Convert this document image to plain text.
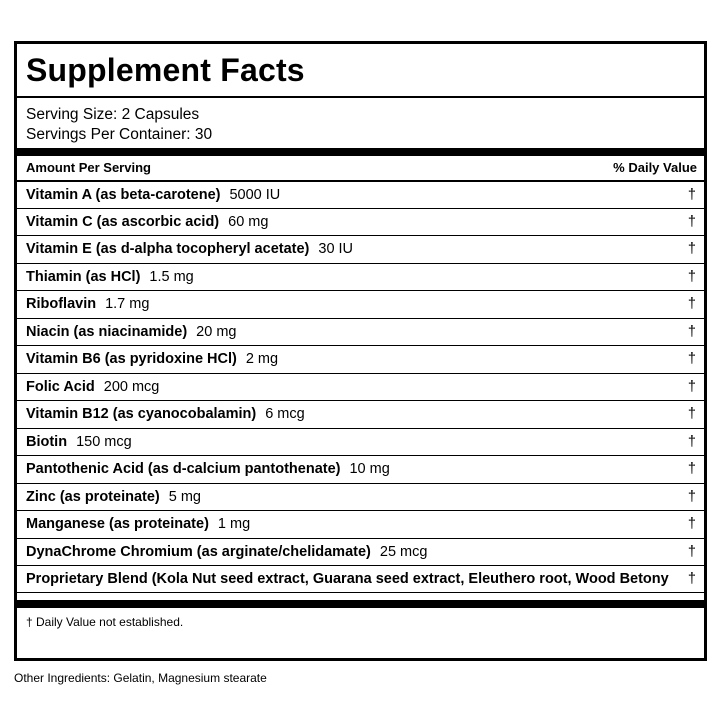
Supplement Facts
Serving Size: 2 Capsules
Servings Per Container: 30
Amount Per Serving	% Daily Value
Vitamin A (as beta-carotene) 5000 IU	†
Vitamin C (as ascorbic acid) 60 mg	†
Vitamin E (as d-alpha tocopheryl acetate) 30 IU	†
Thiamin (as HCl) 1.5 mg	†
Riboflavin 1.7 mg	†
Niacin (as niacinamide) 20 mg	†
Vitamin B6 (as pyridoxine HCl) 2 mg	†
Folic Acid 200 mcg	†
Vitamin B12 (as cyanocobalamin) 6 mcg	†
Biotin 150 mcg	†
Pantothenic Acid (as d-calcium pantothenate) 10 mg	†
Zinc (as proteinate) 5 mg	†
Manganese (as proteinate) 1 mg	†
DynaChrome Chromium (as arginate/chelidamate) 25 mcg	†
Proprietary Blend (Kola Nut seed extract, Guarana seed extract, Eleuthero root, Wood Betony †
† Daily Value not established.
Other Ingredients: Gelatin, Magnesium stearate
